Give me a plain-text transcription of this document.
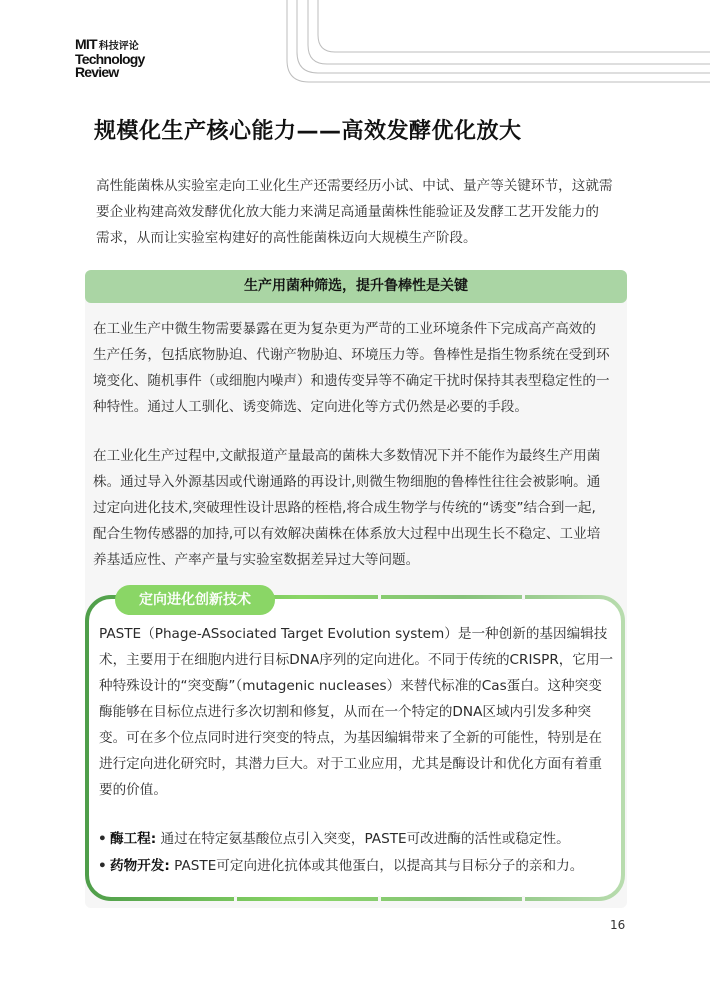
MIT 科技评论
Technology
Review
规模化生产核心能力——高效发酵优化放大
高性能菌株从实验室走向工业化生产还需要经历小试、中试、量产等关键环节，这就需
要企业构建高效发酵优化放大能力来满足高通量菌株性能验证及发酵工艺开发能力的
需求，从而让实验室构建好的高性能菌株迈向大规模生产阶段。
生产用菌种筛选，提升鲁棒性是关键
在工业生产中微生物需要暴露在更为复杂更为严苛的工业环境条件下完成高产高效的
生产任务，包括底物胁迫、代谢产物胁迫、环境压力等。鲁棒性是指生物系统在受到环
境变化、随机事件（或细胞内噪声）和遗传变异等不确定干扰时保持其表型稳定性的一
种特性。通过人工驯化、诱变筛选、定向进化等方式仍然是必要的手段。
在工业化生产过程中,文献报道产量最高的菌株大多数情况下并不能作为最终生产用菌
株。通过导入外源基因或代谢通路的再设计,则微生物细胞的鲁棒性往往会被影响。通
过定向进化技术,突破理性设计思路的桎梏,将合成生物学与传统的“诱变”结合到一起,
配合生物传感器的加持,可以有效解决菌株在体系放大过程中出现生长不稳定、工业培
养基适应性、产率产量与实验室数据差异过大等问题。
定向进化创新技术
PASTE（Phage-ASsociated Target Evolution system）是一种创新的基因编辑技
术，主要用于在细胞内进行目标DNA序列的定向进化。不同于传统的CRISPR，它用一
种特殊设计的“突变酶”（mutagenic nucleases）来替代标准的Cas蛋白。这种突变
酶能够在目标位点进行多次切割和修复，从而在一个特定的DNA区域内引发多种突
变。可在多个位点同时进行突变的特点，为基因编辑带来了全新的可能性，特别是在
进行定向进化研究时，其潜力巨大。对于工业应用，尤其是酶设计和优化方面有着重
要的价值。
• 酶工程: 通过在特定氨基酸位点引入突变，PASTE可改进酶的活性或稳定性。
• 药物开发: PASTE可定向进化抗体或其他蛋白，以提高其与目标分子的亲和力。
16
